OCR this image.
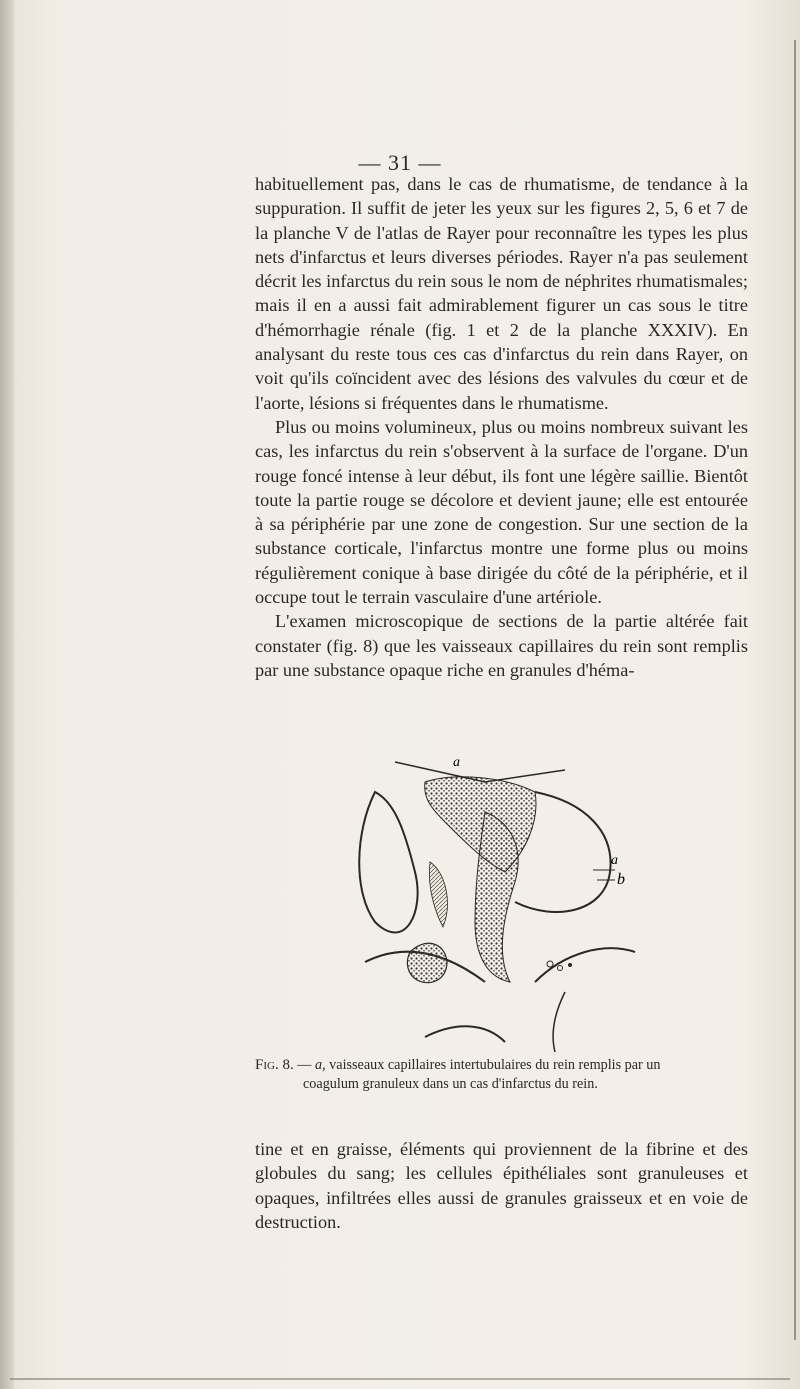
— 31 —

habituellement pas, dans le cas de rhumatisme, de tendance à la suppuration. Il suffit de jeter les yeux sur les figures 2, 5, 6 et 7 de la planche V de l'atlas de Rayer pour reconnaître les types les plus nets d'infarctus et leurs diverses périodes. Rayer n'a pas seulement décrit les infarctus du rein sous le nom de néphrites rhumatismales; mais il en a aussi fait admirablement figurer un cas sous le titre d'hémorrhagie rénale (fig. 1 et 2 de la planche XXXIV). En analysant du reste tous ces cas d'infarctus du rein dans Rayer, on voit qu'ils coïncident avec des lésions des valvules du cœur et de l'aorte, lésions si fréquentes dans le rhumatisme.

Plus ou moins volumineux, plus ou moins nombreux suivant les cas, les infarctus du rein s'observent à la surface de l'organe. D'un rouge foncé intense à leur début, ils font une légère saillie. Bientôt toute la partie rouge se décolore et devient jaune; elle est entourée à sa périphérie par une zone de congestion. Sur une section de la substance corticale, l'infarctus montre une forme plus ou moins régulièrement conique à base dirigée du côté de la périphérie, et il occupe tout le terrain vasculaire d'une artériole.

L'examen microscopique de sections de la partie altérée fait constater (fig. 8) que les vaisseaux capillaires du rein sont remplis par une substance opaque riche en granules d'héma-

a
a
b
Fig. 8. — a, vaisseaux capillaires intertubulaires du rein remplis par un
coagulum granuleux dans un cas d'infarctus du rein.

tine et en graisse, éléments qui proviennent de la fibrine et des globules du sang; les cellules épithéliales sont granuleuses et opaques, infiltrées elles aussi de granules graisseux et en voie de destruction.
